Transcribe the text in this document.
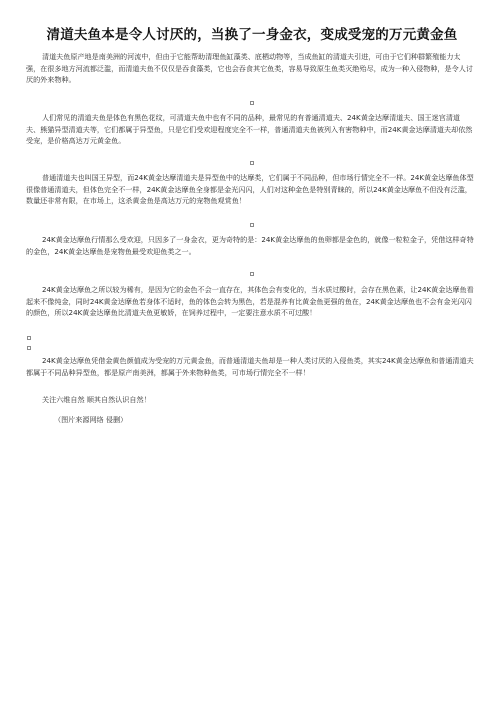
清道夫鱼本是令人讨厌的，当换了一身金衣，变成受宠的万元黄金鱼

清道夫鱼原产地是南美洲的河流中，但由于它能帮助清理鱼缸藻类、底栖动物等，当成鱼缸的清道夫引进，可由于它们种群繁殖能力太强，在很多地方河流都泛滥，而清道夫鱼不仅仅是吞食藻类，它也会吞食其它鱼类，容易导致原生鱼类灭绝殆尽，成为一种入侵物种，是令人讨厌的外来物种。

人们常见的清道夫鱼是体色有黑色花纹，可清道夫鱼中也有不同的品种，最常见的有普通清道夫、24K黄金达摩清道夫、国王迷宫清道夫、熊猫异型清道夫等，它们都属于异型鱼，只是它们受欢迎程度完全不一样，普通清道夫鱼被列入有害物种中，而24K黄金达摩清道夫却依然受宠，是价格高达万元黄金鱼。

普通清道夫也叫国王异型，而24K黄金达摩清道夫是异型鱼中的达摩类，它们属于不同品种，但市场行情完全不一样。24K黄金达摩鱼体型很像普通清道夫，但体色完全不一样，24K黄金达摩鱼全身都是金光闪闪，人们对这种金色是特别青睐的，所以24K黄金达摩鱼不但没有泛滥，数量还非常有限，在市场上，这杀黄金鱼是高达万元的宠物鱼观赏鱼！

24K黄金达摩鱼行情那么受欢迎，只因多了一身金衣，更为奇特的是：24K黄金达摩鱼的鱼卵都是金色的，就像一粒粒金子，凭借这样奇特的金色，24K黄金达摩鱼是宠物鱼最受欢迎鱼类之一。

24K黄金达摩鱼之所以较为稀有，是因为它的金色不会一直存在，其体色会有变化的，当水质过酸时，会存在黑色素，让24K黄金达摩鱼看起来不像纯金，同时24K黄金达摩鱼若身体不适时，鱼的体色会转为黑色，若是混养有比黄金鱼更强的鱼在，24K黄金达摩鱼也不会有金光闪闪的颜色，所以24K黄金达摩鱼比清道夫鱼更敏娇，在饲养过程中，一定要注意水质不可过酸！

24K黄金达摩鱼凭借金黄色颜值成为受宠的万元黄金鱼，而普通清道夫鱼却是一种人类讨厌的入侵鱼类，其实24K黄金达摩鱼和普通清道夫都属于不同品种异型鱼，都是原产南美洲，都属于外来物种鱼类，可市场行情完全不一样！

关注六维自然 顺其自然认识自然！
（图片来源网络 侵删）
